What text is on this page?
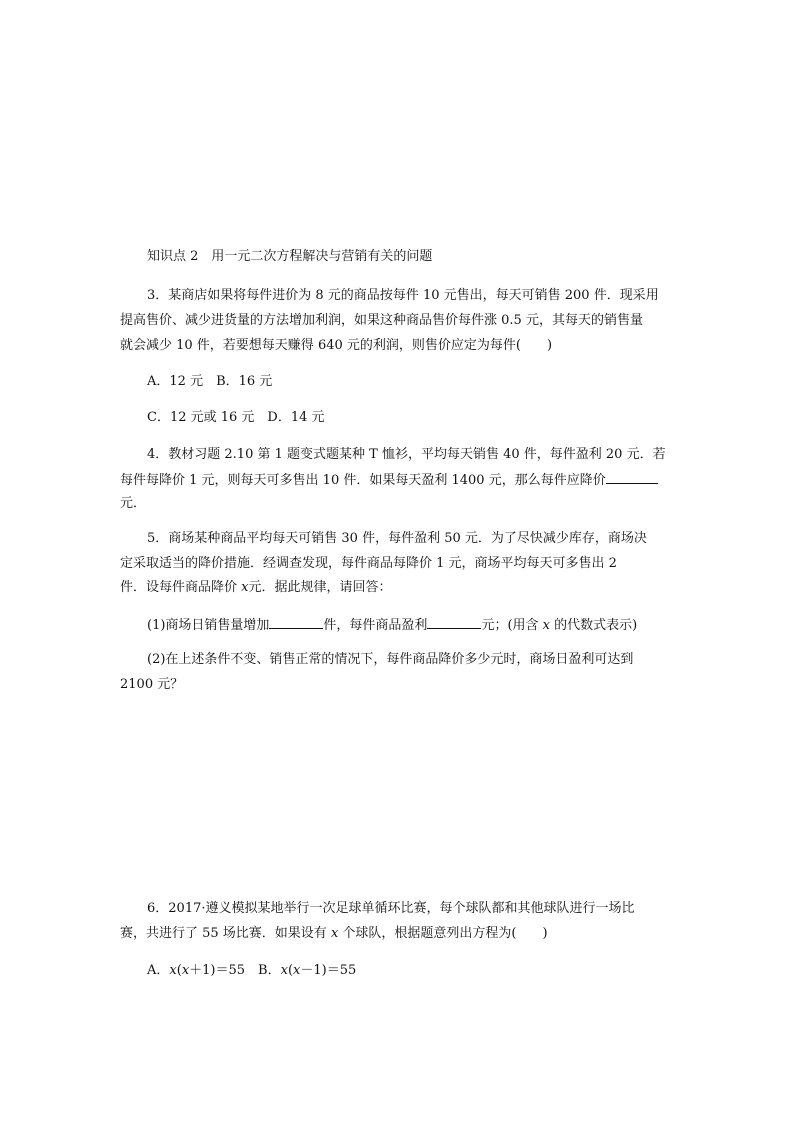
知识点 2　用一元二次方程解决与营销有关的问题
3．某商店如果将每件进价为 8 元的商品按每件 10 元售出，每天可销售 200 件．现采用
提高售价、减少进货量的方法增加利润，如果这种商品售价每件涨 0.5 元，其每天的销售量
就会减少 10 件，若要想每天赚得 640 元的利润，则售价应定为每件(　　)
A．12 元　B．16 元
C．12 元或 16 元　D．14 元
4．教材习题 2.10 第 1 题变式题某种 T 恤衫，平均每天销售 40 件，每件盈利 20 元．若
每件每降价 1 元，则每天可多售出 10 件．如果每天盈利 1400 元，那么每件应降价
元．
5．商场某种商品平均每天可销售 30 件，每件盈利 50 元．为了尽快减少库存，商场决
定采取适当的降价措施．经调查发现，每件商品每降价 1 元，商场平均每天可多售出 2
件．设每件商品降价 x元．据此规律，请回答：
(1)商场日销售量增加	件，每件商品盈利	元；(用含 x 的代数式表示)
(2)在上述条件不变、销售正常的情况下，每件商品降价多少元时，商场日盈利可达到
2100 元？
6．2017·遵义模拟某地举行一次足球单循环比赛，每个球队都和其他球队进行一场比
赛，共进行了 55 场比赛．如果设有 x 个球队，根据题意列出方程为(　　)
A．x(x＋1)＝55　B．x(x－1)＝55
